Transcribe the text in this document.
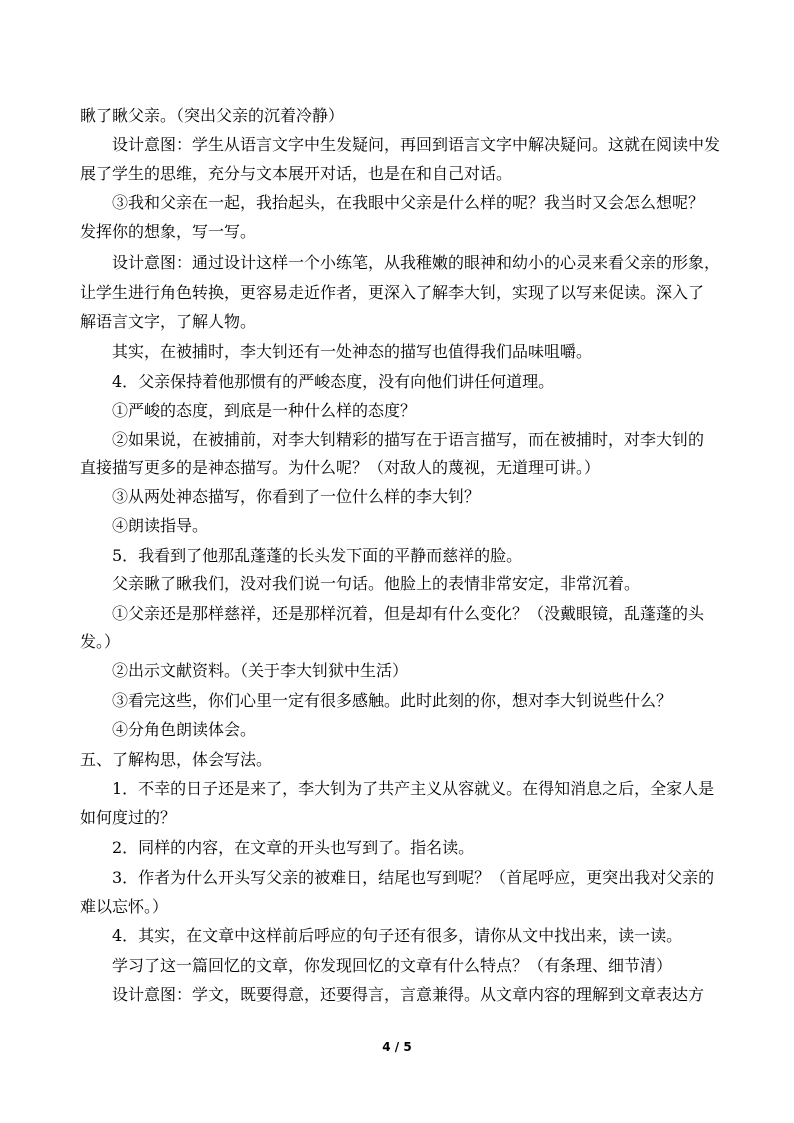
瞅了瞅父亲。（突出父亲的沉着冷静）
设计意图：学生从语言文字中生发疑问，再回到语言文字中解决疑问。这就在阅读中发
展了学生的思维，充分与文本展开对话，也是在和自己对话。
③我和父亲在一起，我抬起头，在我眼中父亲是什么样的呢？我当时又会怎么想呢？
发挥你的想象，写一写。
设计意图：通过设计这样一个小练笔，从我稚嫩的眼神和幼小的心灵来看父亲的形象，
让学生进行角色转换，更容易走近作者，更深入了解李大钊，实现了以写来促读。深入了
解语言文字，了解人物。
其实，在被捕时，李大钊还有一处神态的描写也值得我们品味咀嚼。
4．父亲保持着他那惯有的严峻态度，没有向他们讲任何道理。
①严峻的态度，到底是一种什么样的态度？
②如果说，在被捕前，对李大钊精彩的描写在于语言描写，而在被捕时，对李大钊的
直接描写更多的是神态描写。为什么呢？（对敌人的蔑视，无道理可讲。）
③从两处神态描写，你看到了一位什么样的李大钊？
④朗读指导。
5．我看到了他那乱蓬蓬的长头发下面的平静而慈祥的脸。
父亲瞅了瞅我们，没对我们说一句话。他脸上的表情非常安定，非常沉着。
①父亲还是那样慈祥，还是那样沉着，但是却有什么变化？（没戴眼镜，乱蓬蓬的头
发。）
②出示文献资料。（关于李大钊狱中生活）
③看完这些，你们心里一定有很多感触。此时此刻的你，想对李大钊说些什么？
④分角色朗读体会。
五、了解构思，体会写法。
1．不幸的日子还是来了，李大钊为了共产主义从容就义。在得知消息之后，全家人是
如何度过的？
2．同样的内容，在文章的开头也写到了。指名读。
3．作者为什么开头写父亲的被难日，结尾也写到呢？（首尾呼应，更突出我对父亲的
难以忘怀。）
4．其实，在文章中这样前后呼应的句子还有很多，请你从文中找出来，读一读。
学习了这一篇回忆的文章，你发现回忆的文章有什么特点？（有条理、细节清）
设计意图：学文，既要得意，还要得言，言意兼得。从文章内容的理解到文章表达方
4 / 5
